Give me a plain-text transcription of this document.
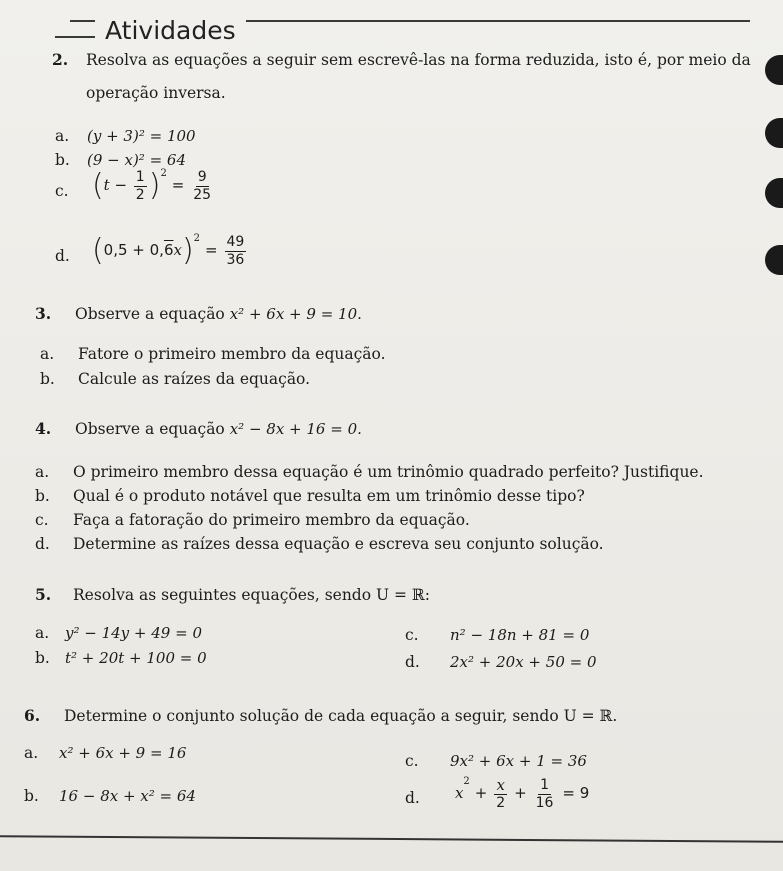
Atividades
2. Resolva as equações a seguir sem escrevê-las na forma reduzida, isto é, por meio da
operação inversa.
a. (y + 3)² = 100
b. (9 − x)² = 64
c. $(t - \frac{1}{2} )^2 = \frac{9}{25}$
d. $(0,5 + 0,6x)^2 = \frac{49}{36}$
3. Observe a equação x² + 6x + 9 = 10.
a. Fatore o primeiro membro da equação.
b. Calcule as raízes da equação.
4. Observe a equação x² − 8x + 16 = 0.
a. O primeiro membro dessa equação é um trinômio quadrado perfeito? Justifique.
b. Qual é o produto notável que resulta em um trinômio desse tipo?
c. Faça a fatoração do primeiro membro da equação.
d. Determine as raízes dessa equação e escreva seu conjunto solução.
5. Resolva as seguintes equações, sendo U = ℝ:
a. y² − 14y + 49 = 0
b. t² + 20t + 100 = 0
c. n² − 18n + 81 = 0
d. 2x² + 20x + 50 = 0
6. Determine o conjunto solução de cada equação a seguir, sendo U = ℝ.
a. x² + 6x + 9 = 16
b. 16 − 8x + x² = 64
c. 9x² + 6x + 1 = 36
d. $x^2 + \frac{x}{2} + \frac{1}{16} = 9$
